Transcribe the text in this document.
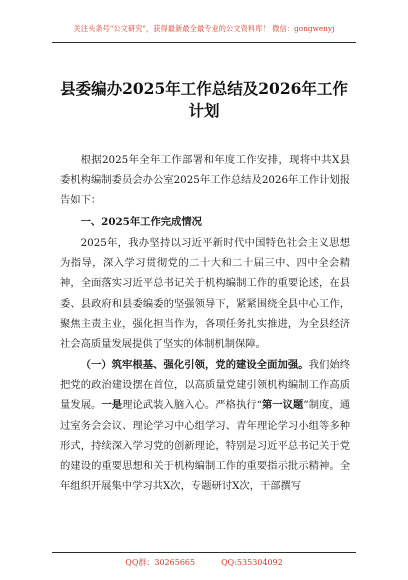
关注头条号"公文研究"，获得最新最全最专业的公文资料库！ 微信：gongwenyj
县委编办2025年工作总结及2026年工作计划
根据2025年全年工作部署和年度工作安排，现将中共X县委机构编制委员会办公室2025年工作总结及2026年工作计划报告如下：
一、2025年工作完成情况
2025年，我办坚持以习近平新时代中国特色社会主义思想为指导，深入学习贯彻党的二十大和二十届三中、四中全会精神，全面落实习近平总书记关于机构编制工作的重要论述，在县委、县政府和县委编委的坚强领导下，紧紧围绕全县中心工作，聚焦主责主业，强化担当作为，各项任务扎实推进，为全县经济社会高质量发展提供了坚实的体制机制保障。
（一）筑牢根基、强化引领，党的建设全面加强。我们始终把党的政治建设摆在首位，以高质量党建引领机构编制工作高质量发展。一是理论武装入脑入心。严格执行“第一议题”制度，通过室务会会议、理论学习中心组学习、青年理论学习小组等多种形式，持续深入学习党的创新理论，特别是习近平总书记关于党的建设的重要思想和关于机构编制工作的重要指示批示精神。全年组织开展集中学习共X次，专题研讨X次，干部撰写
QQ群：30265665	QQ:535304092
